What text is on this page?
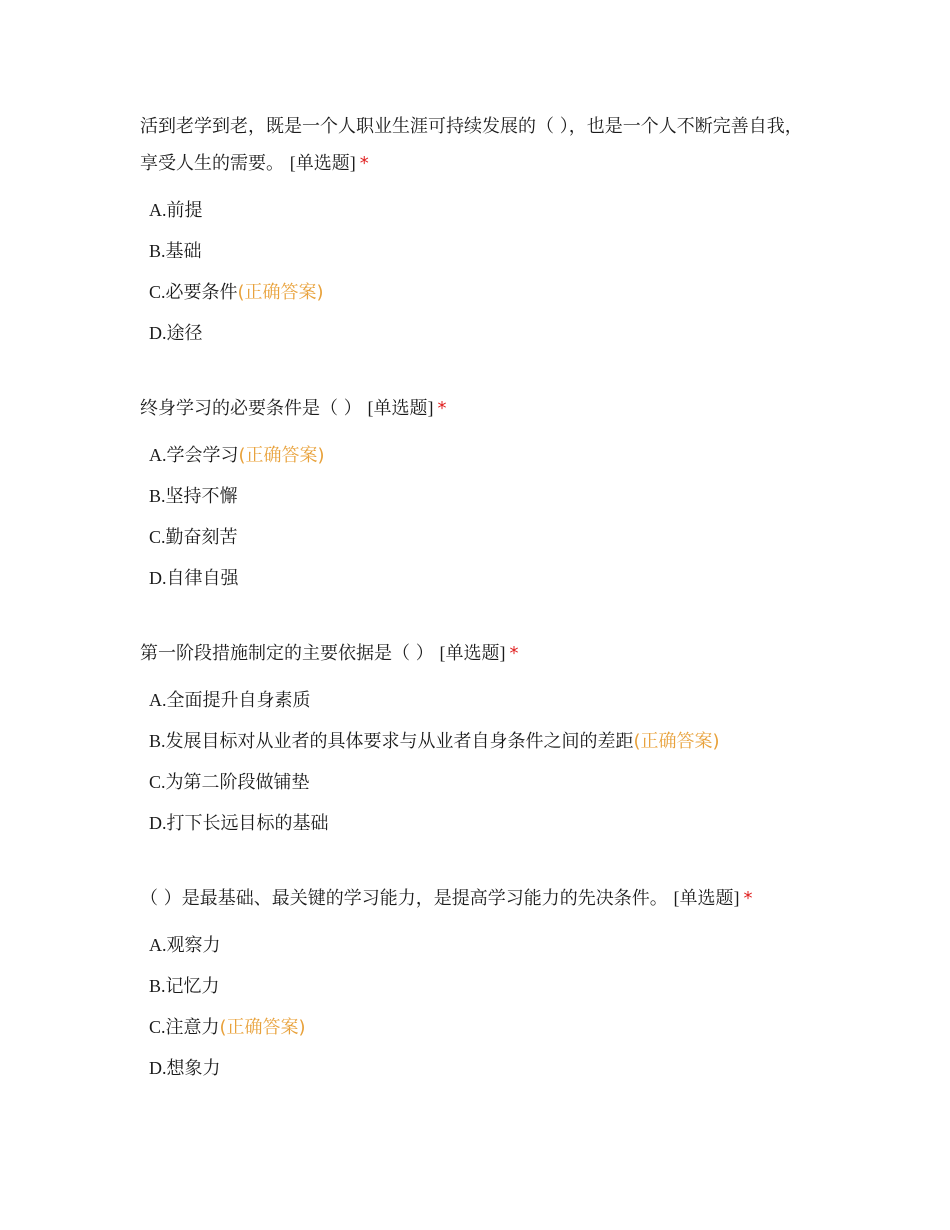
活到老学到老，既是一个人职业生涯可持续发展的（ ），也是一个人不断完善自我，享受人生的需要。 [单选题] *

A.前提
B.基础
C.必要条件(正确答案)
D.途径

终身学习的必要条件是（ ） [单选题] *

A.学会学习(正确答案)
B.坚持不懈
C.勤奋刻苦
D.自律自强

第一阶段措施制定的主要依据是（ ） [单选题] *

A.全面提升自身素质
B.发展目标对从业者的具体要求与从业者自身条件之间的差距(正确答案)
C.为第二阶段做铺垫
D.打下长远目标的基础

（ ）是最基础、最关键的学习能力，是提高学习能力的先决条件。 [单选题] *

A.观察力
B.记忆力
C.注意力(正确答案)
D.想象力
